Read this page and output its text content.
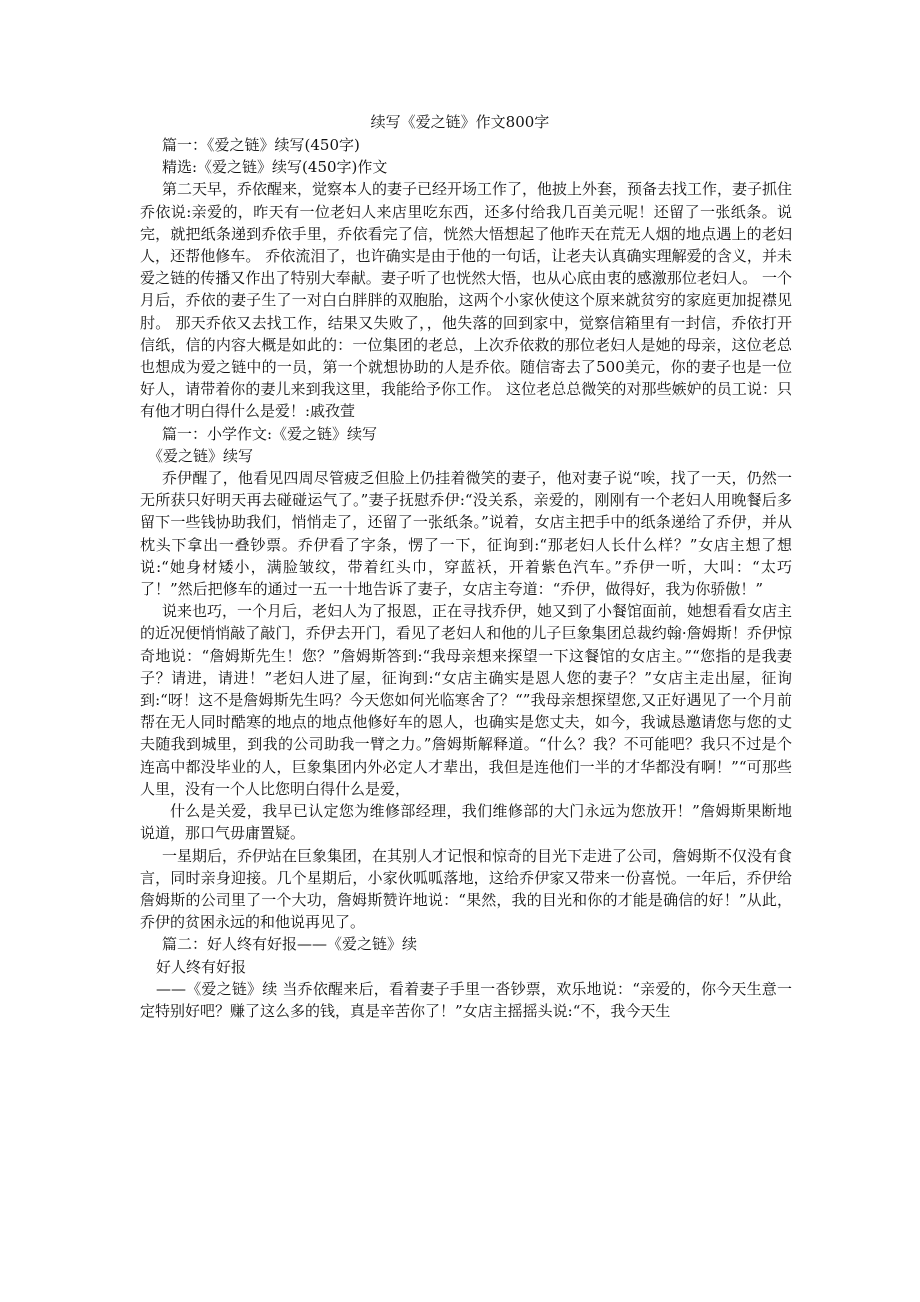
续写《爱之链》作文800字

篇一：《爱之链》续写(450字)

精选:《爱之链》续写(450字)作文

第二天早，乔依醒来，觉察本人的妻子已经开场工作了，他披上外套，预备去找工作，妻子抓住乔依说:亲爱的，昨天有一位老妇人来店里吃东西，还多付给我几百美元呢！还留了一张纸条。说完，就把纸条递到乔依手里，乔依看完了信，恍然大悟想起了他昨天在荒无人烟的地点遇上的老妇人，还帮他修车。 乔依流泪了，也许确实是由于他的一句话，让老夫认真确实理解爱的含义，并未爱之链的传播又作出了特别大奉献。妻子听了也恍然大悟，也从心底由衷的感激那位老妇人。 一个月后，乔依的妻子生了一对白白胖胖的双胞胎，这两个小家伙使这个原来就贫穷的家庭更加捉襟见肘。 那天乔依又去找工作，结果又失败了，，他失落的回到家中，觉察信箱里有一封信，乔依打开信纸，信的内容大概是如此的：一位集团的老总，上次乔依救的那位老妇人是她的母亲，这位老总也想成为爱之链中的一员，第一个就想协助的人是乔依。随信寄去了500美元，你的妻子也是一位好人，请带着你的妻儿来到我这里，我能给予你工作。 这位老总总微笑的对那些嫉妒的员工说：只有他才明白得什么是爱！:戚孜萱

篇一：小学作文:《爱之链》续写

《爱之链》续写

乔伊醒了，他看见四周尽管疲乏但脸上仍挂着微笑的妻子，他对妻子说“唉，找了一天，仍然一无所获只好明天再去碰碰运气了。”妻子抚慰乔伊:“没关系，亲爱的，刚刚有一个老妇人用晚餐后多留下一些钱协助我们，悄悄走了，还留了一张纸条。”说着，女店主把手中的纸条递给了乔伊，并从枕头下拿出一叠钞票。乔伊看了字条，愣了一下，征询到:“那老妇人长什么样？”女店主想了想说:“她身材矮小，满脸皱纹，带着红头巾，穿蓝袄，开着紫色汽车。”乔伊一听，大叫：“太巧了！”然后把修车的通过一五一十地告诉了妻子，女店主夸道：“乔伊，做得好，我为你骄傲！”

说来也巧，一个月后，老妇人为了报恩，正在寻找乔伊，她又到了小餐馆面前，她想看看女店主的近况便悄悄敲了敲门，乔伊去开门，看见了老妇人和他的儿子巨象集团总裁约翰·詹姆斯！乔伊惊奇地说：“詹姆斯先生！您？”詹姆斯答到:“我母亲想来探望一下这餐馆的女店主。”“您指的是我妻子？请进，请进！”老妇人进了屋，征询到:“女店主确实是恩人您的妻子？”女店主走出屋，征询到:“呀！这不是詹姆斯先生吗？今天您如何光临寒舍了？“”我母亲想探望您,又正好遇见了一个月前帮在无人同时酷寒的地点的地点他修好车的恩人，也确实是您丈夫，如今，我诚恳邀请您与您的丈夫随我到城里，到我的公司助我一臂之力。”詹姆斯解释道。“什么？我？不可能吧？我只不过是个连高中都没毕业的人，巨象集团内外必定人才辈出，我但是连他们一半的才华都没有啊！”“可那些人里，没有一个人比您明白得什么是爱，

什么是关爱，我早已认定您为维修部经理，我们维修部的大门永远为您放开！”詹姆斯果断地说道，那口气毋庸置疑。

一星期后，乔伊站在巨象集团，在其别人才记恨和惊奇的目光下走进了公司，詹姆斯不仅没有食言，同时亲身迎接。几个星期后，小家伙呱呱落地，这给乔伊家又带来一份喜悦。一年后，乔伊给詹姆斯的公司里了一个大功，詹姆斯赞许地说：“果然，我的目光和你的才能是确信的好！”从此，乔伊的贫困永远的和他说再见了。

篇二：好人终有好报——《爱之链》续

好人终有好报

——《爱之链》续 当乔依醒来后，看着妻子手里一沓钞票，欢乐地说：“亲爱的，你今天生意一定特别好吧？赚了这么多的钱，真是辛苦你了！”女店主摇摇头说:“不，我今天生
